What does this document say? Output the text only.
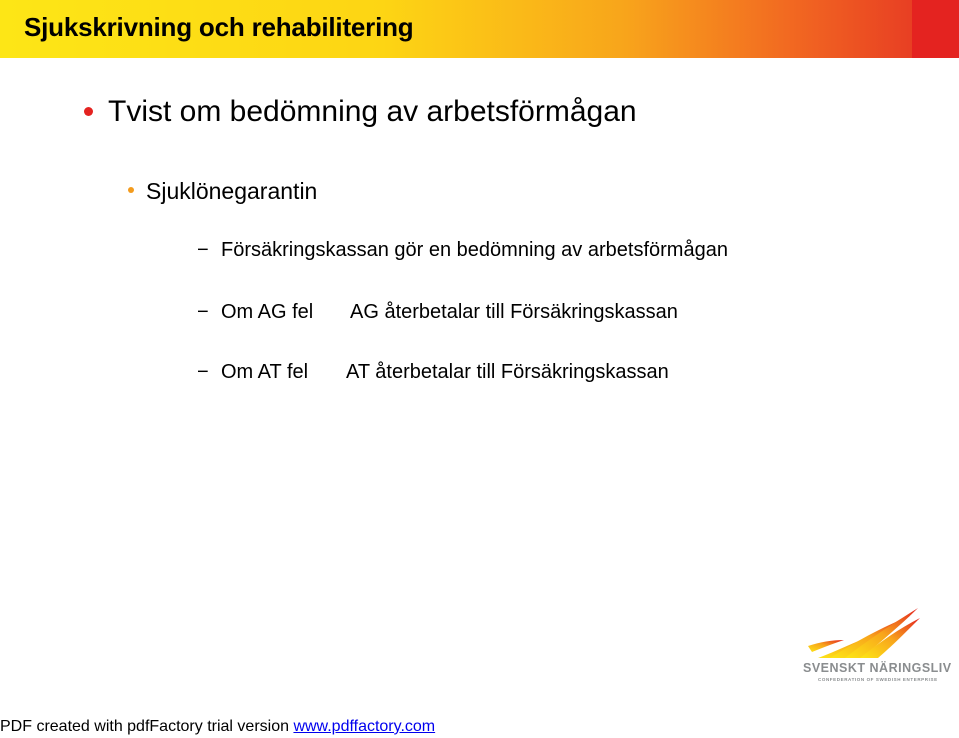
Sjukskrivning och rehabilitering
Tvist om bedömning av arbetsförmågan
Sjuklönegarantin
− Försäkringskassan gör en bedömning av arbetsförmågan
− Om AG fel AG återbetalar till Försäkringskassan
− Om AT fel AT återbetalar till Försäkringskassan
SVENSKT NÄRINGSLIV
CONFEDERATION OF SWEDISH ENTERPRISE
PDF created with pdfFactory trial version www.pdffactory.com
